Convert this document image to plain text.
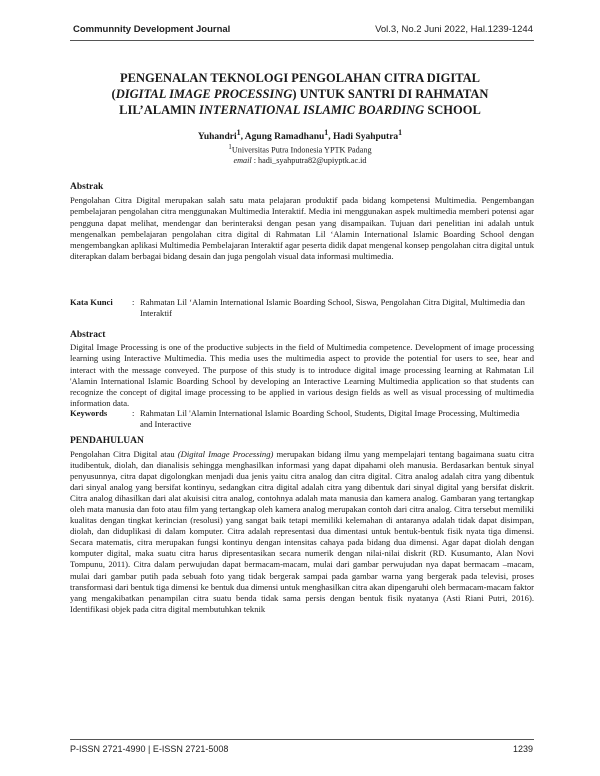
Communnity Development Journal	Vol.3, No.2 Juni 2022, Hal.1239-1244
PENGENALAN TEKNOLOGI PENGOLAHAN CITRA DIGITAL
(DIGITAL IMAGE PROCESSING) UNTUK SANTRI DI RAHMATAN
LIL’ALAMIN INTERNATIONAL ISLAMIC BOARDING SCHOOL
Yuhandri$^1$, Agung Ramadhanu$^1$, Hadi Syahputra$^1$
$^1$Universitas Putra Indonesia YPTK Padang
email : hadi_syahputra82@upiyptk.ac.id
Abstrak

Pengolahan Citra Digital merupakan salah satu mata pelajaran produktif pada bidang kompetensi Multimedia. Pengembangan pembelajaran pengolahan citra menggunakan Multimedia Interaktif. Media ini menggunakan aspek multimedia memberi potensi agar pengguna dapat melihat, mendengar dan berinteraksi dengan pesan yang disampaikan. Tujuan dari penelitian ini adalah untuk mengenalkan pembelajaran pengolahan citra digital di Rahmatan Lil ‘Alamin International Islamic Boarding School dengan mengembangkan aplikasi Multimedia Pembelajaran Interaktif agar peserta didik dapat mengenal konsep pengolahan citra digital untuk diterapkan dalam berbagai bidang desain dan juga pengolah visual data informasi multimedia.

Kata Kunci	: Rahmatan Lil ‘Alamin International Islamic Boarding School, Siswa, Pengolahan Citra Digital, Multimedia dan Interaktif
Abstract

Digital Image Processing is one of the productive subjects in the field of Multimedia competence. Development of image processing learning using Interactive Multimedia. This media uses the multimedia aspect to provide the potential for users to see, hear and interact with the message conveyed. The purpose of this study is to introduce digital image processing learning at Rahmatan Lil 'Alamin International Islamic Boarding School by developing an Interactive Learning Multimedia application so that students can recognize the concept of digital image processing to be applied in various design fields as well as visual processing of multimedia information data.

Keywords	: Rahmatan Lil 'Alamin International Islamic Boarding School, Students, Digital Image Processing, Multimedia and Interactive
PENDAHULUAN

Pengolahan Citra Digital atau (Digital Image Processing) merupakan bidang ilmu yang mempelajari tentang bagaimana suatu citra itudibentuk, diolah, dan dianalisis sehingga menghasilkan informasi yang dapat dipahami oleh manusia. Berdasarkan bentuk sinyal penyusunnya, citra dapat digolongkan menjadi dua jenis yaitu citra analog dan citra digital. Citra analog adalah citra yang dibentuk dari sinyal analog yang bersifat kontinyu, sedangkan citra digital adalah citra yang dibentuk dari sinyal digital yang bersifat diskrit. Citra analog dihasilkan dari alat akuisisi citra analog, contohnya adalah mata manusia dan kamera analog. Gambaran yang tertangkap oleh mata manusia dan foto atau film yang tertangkap oleh kamera analog merupakan contoh dari citra analog. Citra tersebut memiliki kualitas dengan tingkat kerincian (resolusi) yang sangat baik tetapi memiliki kelemahan di antaranya adalah tidak dapat disimpan, diolah, dan diduplikasi di dalam komputer. Citra adalah representasi dua dimentasi untuk bentuk-bentuk fisik nyata tiga dimensi. Secara matematis, citra merupakan fungsi kontinyu dengan intensitas cahaya pada bidang dua dimensi. Agar dapat diolah dengan komputer digital, maka suatu citra harus dipresentasikan secara numerik dengan nilai-nilai diskrit (RD. Kusumanto, Alan Novi Tompunu, 2011). Citra dalam perwujudan dapat bermacam-macam, mulai dari gambar perwujudan nya dapat bermacam –macam, mulai dari gambar putih pada sebuah foto yang tidak bergerak sampai pada gambar warna yang bergerak pada televisi, proses transformasi dari bentuk tiga dimensi ke bentuk dua dimensi untuk menghasilkan citra akan dipengaruhi oleh bermacam-macam faktor yang mengakibatkan penampilan citra suatu benda tidak sama persis dengan bentuk fisik nyatanya (Asti Riani Putri, 2016). Identifikasi objek pada citra digital membutuhkan teknik

P-ISSN 2721-4990 | E-ISSN 2721-5008	1239
